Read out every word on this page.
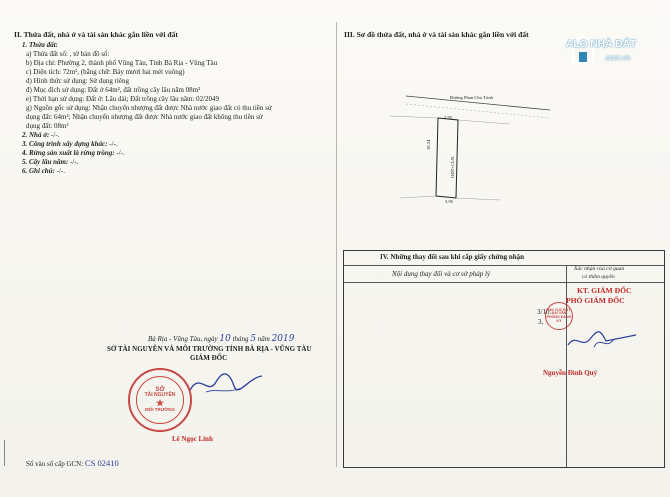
II. Thửa đất, nhà ở và tài sản khác gắn liền với đất
1. Thửa đất:
a) Thửa đất số: , tờ bản đồ số:
b) Địa chỉ: Phường 2, thành phố Vũng Tàu, Tỉnh Bà Rịa - Vũng Tàu
c) Diện tích: 72m², (bằng chữ: Bảy mươi hai mét vuông)
d) Hình thức sử dụng: Sử dụng riêng
đ) Mục đích sử dụng: Đất ở 64m², đất trồng cây lâu năm 08m²
e) Thời hạn sử dụng: Đất ở: Lâu dài; Đất trồng cây lâu năm: 02/2049
g) Nguồn gốc sử dụng: Nhận chuyển nhượng đất được Nhà nước giao đất có thu tiền sử
dụng đất: 64m²; Nhận chuyển nhượng đất được Nhà nước giao đất không thu tiền sử
dụng đất: 08m²
2. Nhà ở: -/-.
3. Công trình xây dựng khác: -/-.
4. Rừng sản xuất là rừng trồng: -/-.
5. Cây lâu năm: -/-.
6. Ghi chú: -/-.
Bà Rịa - Vũng Tàu, ngày 10 tháng 5 năm 2019
SỞ TÀI NGUYÊN VÀ MÔI TRƯỜNG TỈNH BÀ RỊA - VŨNG TÀU
GIÁM ĐỐC
SỞ
TÀI NGUYÊN
★
MÔI TRƯỜNG
Lê Ngọc Linh
Số vào sổ cấp GCN: CS 02410
III. Sơ đồ thửa đất, nhà ở và tài sản khác gắn liền với đất
Đường Phan Chu Trinh
3.95
3.95
18.24
ODT+CLN
IV. Những thay đổi sau khi cấp giấy chứng nhận
Nội dung thay đổi và cơ sở pháp lý
Xác nhận của cơ quan
có thẩm quyền
KT. GIÁM ĐỐC
PHÓ GIÁM ĐỐC
3/10.
3,
CHI CỤC ĐẤT ĐAI VĂN PHÒNG ĐĂNG KÝ
Nguyễn Đình Quý
ALO NHÀ ĐẤT
.com.vn
